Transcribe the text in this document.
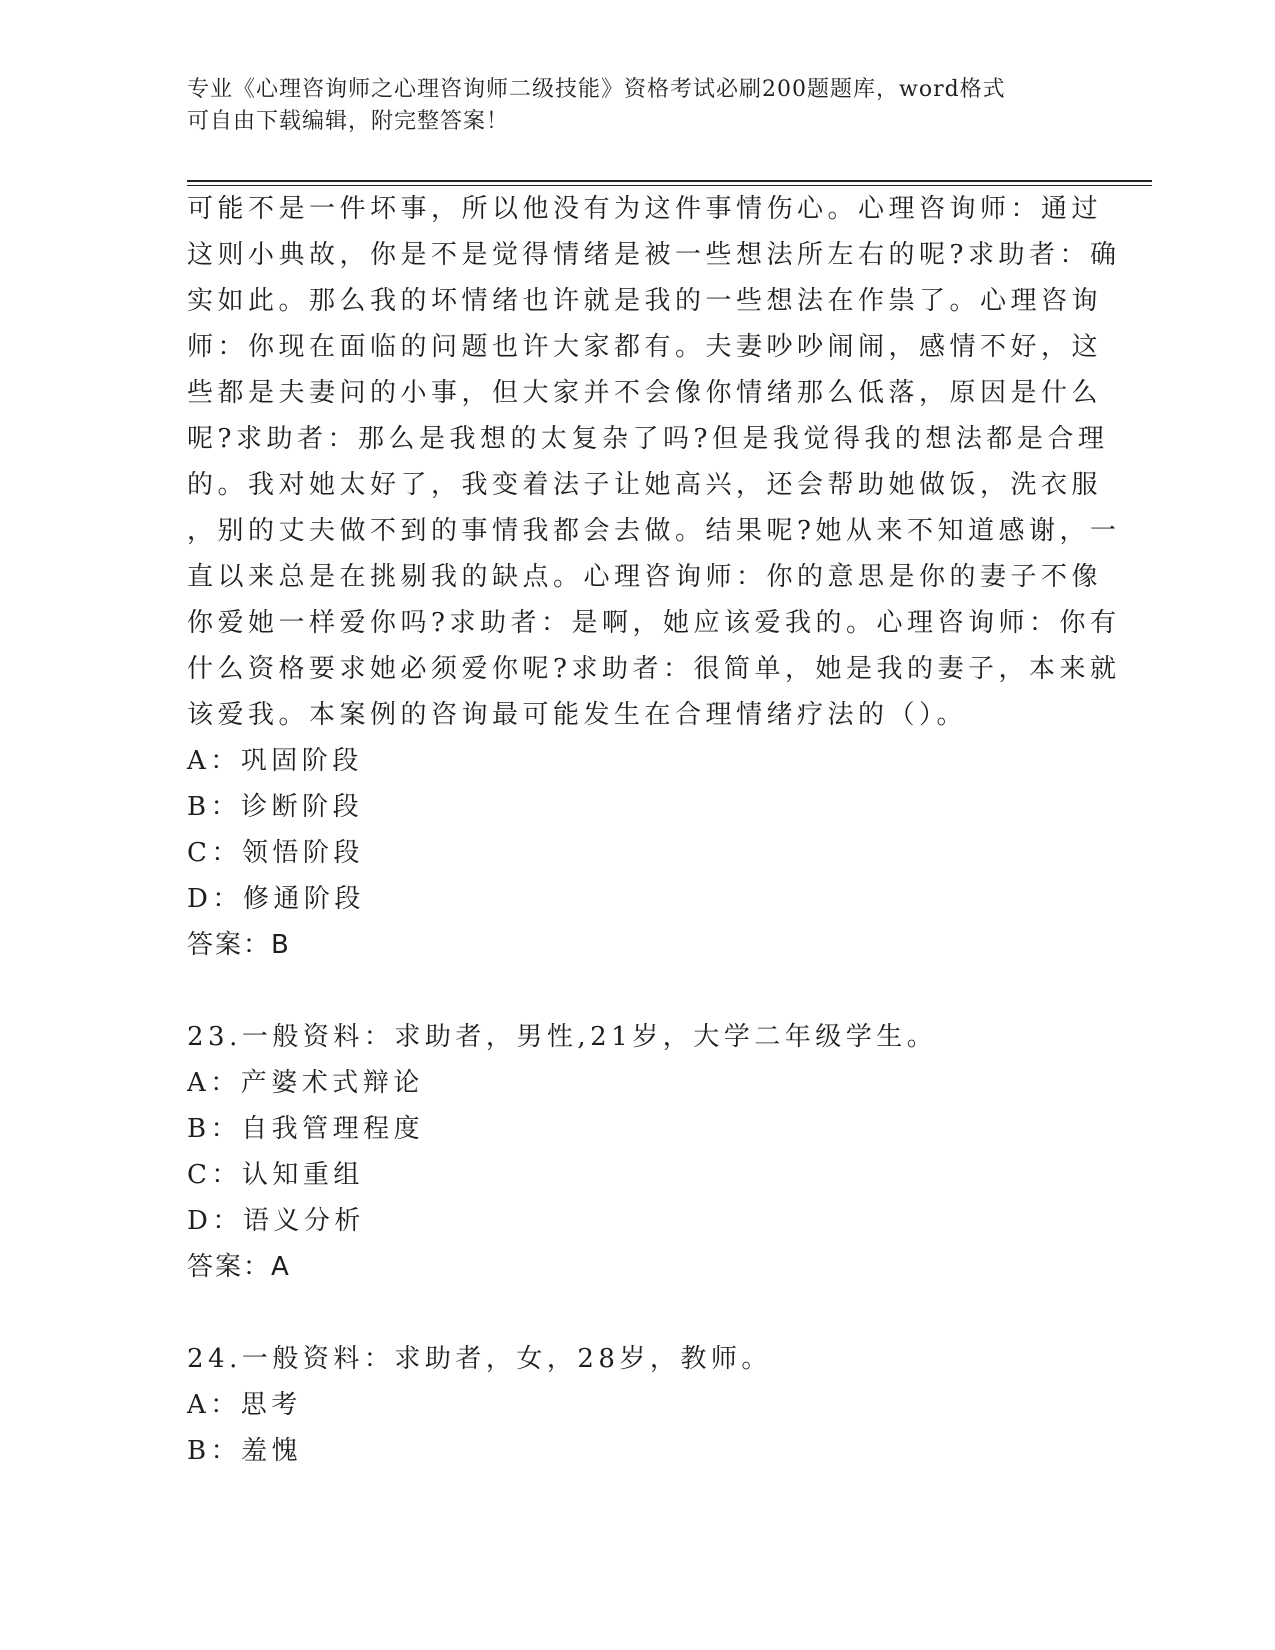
专业《心理咨询师之心理咨询师二级技能》资格考试必刷200题题库，word格式
可自由下载编辑，附完整答案！
可能不是一件坏事，所以他没有为这件事情伤心。心理咨询师：通过
这则小典故，你是不是觉得情绪是被一些想法所左右的呢?求助者：确
实如此。那么我的坏情绪也许就是我的一些想法在作祟了。心理咨询
师：你现在面临的问题也许大家都有。夫妻吵吵闹闹，感情不好，这
些都是夫妻问的小事，但大家并不会像你情绪那么低落，原因是什么
呢?求助者：那么是我想的太复杂了吗?但是我觉得我的想法都是合理
的。我对她太好了，我变着法子让她高兴，还会帮助她做饭，洗衣服
，别的丈夫做不到的事情我都会去做。结果呢?她从来不知道感谢，一
直以来总是在挑剔我的缺点。心理咨询师：你的意思是你的妻子不像
你爱她一样爱你吗?求助者：是啊，她应该爱我的。心理咨询师：你有
什么资格要求她必须爱你呢?求助者：很简单，她是我的妻子，本来就
该爱我。本案例的咨询最可能发生在合理情绪疗法的（）。
A：巩固阶段
B：诊断阶段
C：领悟阶段
D：修通阶段
答案：B
23.一般资料：求助者，男性,21岁，大学二年级学生。
A：产婆术式辩论
B：自我管理程度
C：认知重组
D：语义分析
答案：A
24.一般资料：求助者，女，28岁，教师。
A：思考
B：羞愧
